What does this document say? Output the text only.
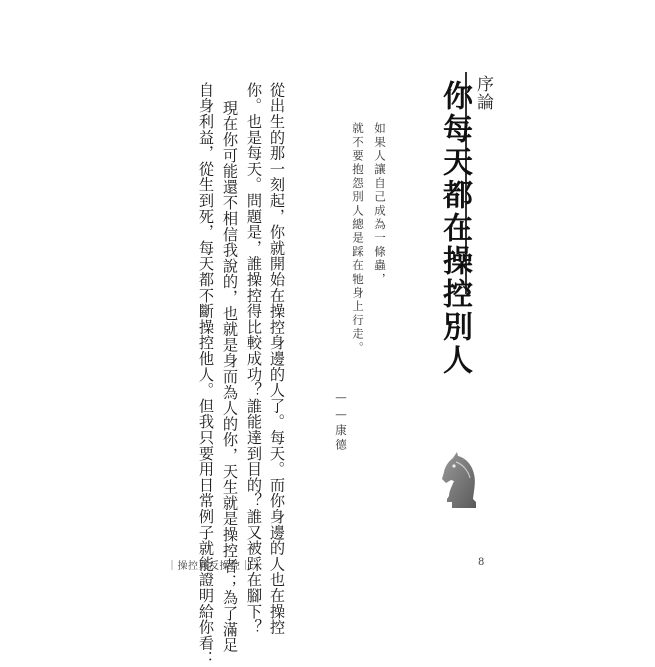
序論
你每天都在操控別人
如果人讓自己成為一條蟲，
就不要抱怨別人總是踩在牠身上行走。
——康德
從出生的那一刻起，你就開始在操控身邊的人了。每天。而你身邊的人也在操控
你。也是每天。問題是，誰操控得比較成功？誰能達到目的？誰又被踩在腳下？
現在你可能還不相信我說的，也就是身而為人的你，天生就是操控者；為了滿足
自身利益，從生到死，每天都不斷操控他人。但我只要用日常例子就能證明給你看：
｜操控與反操控｜	8
